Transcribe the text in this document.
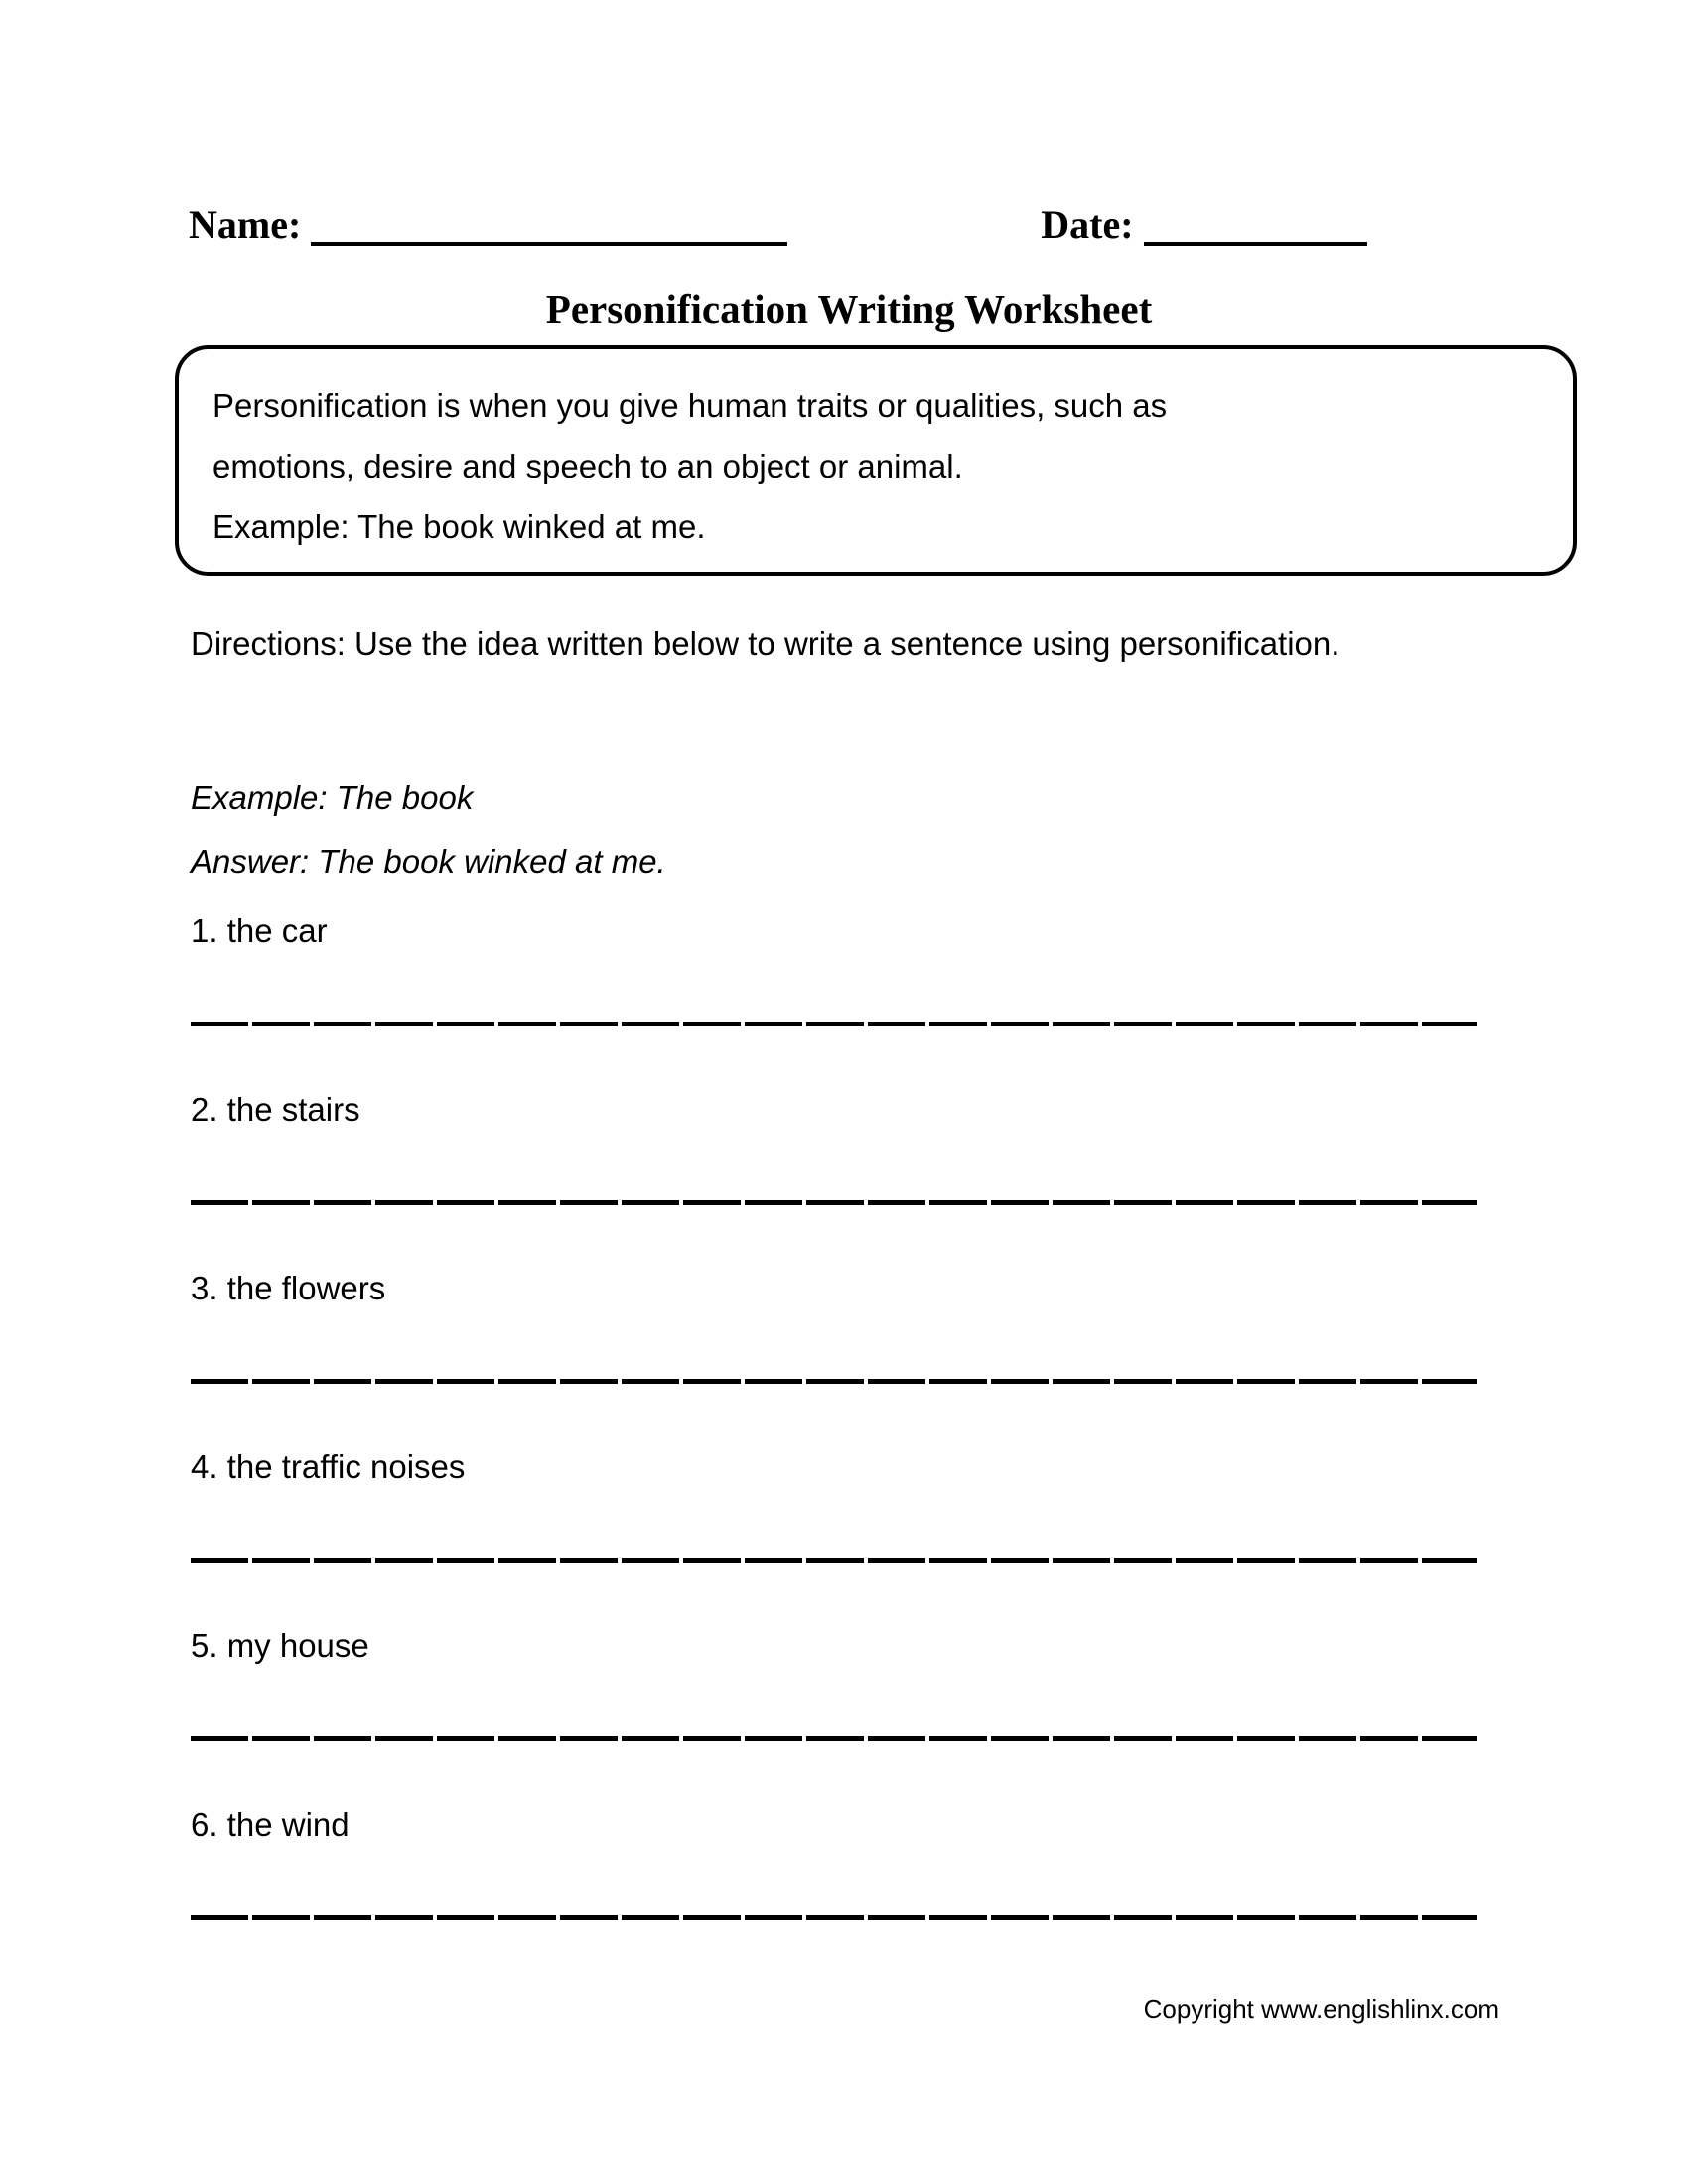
Name:	Date:
Personification Writing Worksheet
Personification is when you give human traits or qualities, such as
emotions, desire and speech to an object or animal.
Example: The book winked at me.
Directions: Use the idea written below to write a sentence using personification.
Example: The book
Answer: The book winked at me.
1. the car
2. the stairs
3. the flowers
4. the traffic noises
5. my house
6. the wind
Copyright www.englishlinx.com
